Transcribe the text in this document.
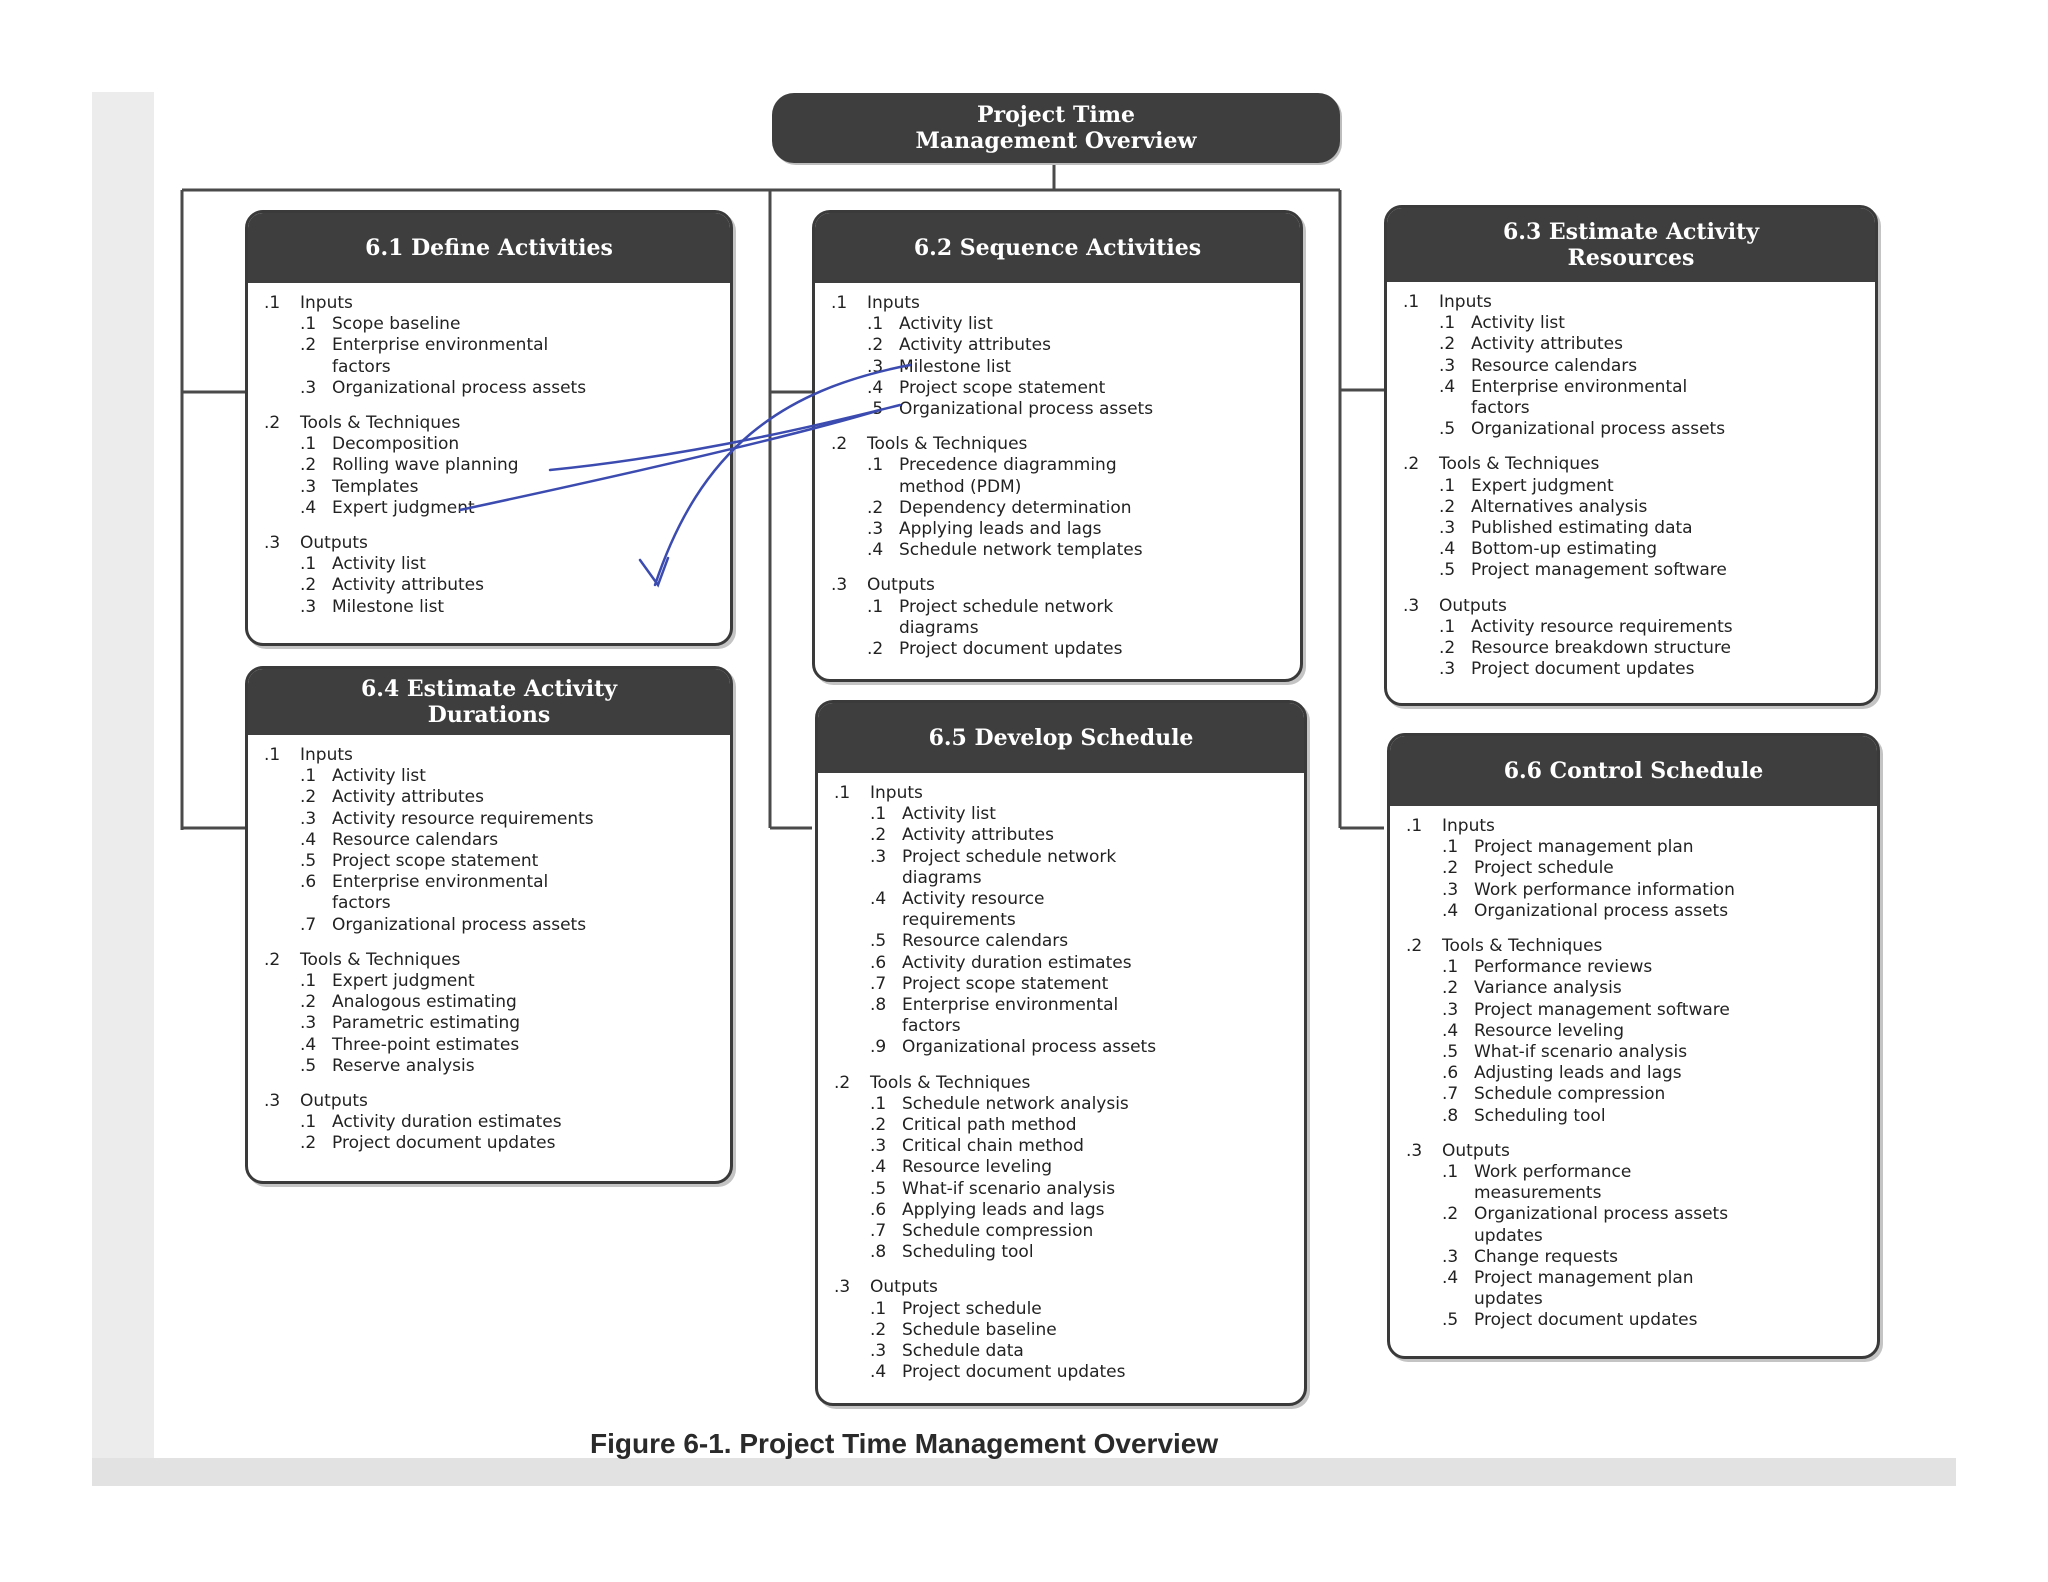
Project Time
Management Overview
6.1 Define Activities
.1	Inputs
.1 Scope baseline
.2 Enterprise environmental
factors
.3 Organizational process assets
.2	Tools & Techniques
.1 Decomposition
.2 Rolling wave planning
.3 Templates
.4 Expert judgment
.3	Outputs
.1 Activity list
.2 Activity attributes
.3 Milestone list
6.2 Sequence Activities
.1	Inputs
.1 Activity list
.2 Activity attributes
.3 Milestone list
.4 Project scope statement
.5 Organizational process assets
.2	Tools & Techniques
.1 Precedence diagramming
method (PDM)
.2 Dependency determination
.3 Applying leads and lags
.4 Schedule network templates
.3	Outputs
.1 Project schedule network
diagrams
.2 Project document updates
6.3 Estimate Activity
Resources
.1	Inputs
.1 Activity list
.2 Activity attributes
.3 Resource calendars
.4 Enterprise environmental
factors
.5 Organizational process assets
.2	Tools & Techniques
.1 Expert judgment
.2 Alternatives analysis
.3 Published estimating data
.4 Bottom-up estimating
.5 Project management software
.3	Outputs
.1 Activity resource requirements
.2 Resource breakdown structure
.3 Project document updates
6.4 Estimate Activity
Durations
.1	Inputs
.1 Activity list
.2 Activity attributes
.3 Activity resource requirements
.4 Resource calendars
.5 Project scope statement
.6 Enterprise environmental
factors
.7 Organizational process assets
.2	Tools & Techniques
.1 Expert judgment
.2 Analogous estimating
.3 Parametric estimating
.4 Three-point estimates
.5 Reserve analysis
.3	Outputs
.1 Activity duration estimates
.2 Project document updates
6.5 Develop Schedule
.1	Inputs
.1 Activity list
.2 Activity attributes
.3 Project schedule network
diagrams
.4 Activity resource
requirements
.5 Resource calendars
.6 Activity duration estimates
.7 Project scope statement
.8 Enterprise environmental
factors
.9 Organizational process assets
.2	Tools & Techniques
.1 Schedule network analysis
.2 Critical path method
.3 Critical chain method
.4 Resource leveling
.5 What-if scenario analysis
.6 Applying leads and lags
.7 Schedule compression
.8 Scheduling tool
.3	Outputs
.1 Project schedule
.2 Schedule baseline
.3 Schedule data
.4 Project document updates
6.6 Control Schedule
.1	Inputs
.1 Project management plan
.2 Project schedule
.3 Work performance information
.4 Organizational process assets
.2	Tools & Techniques
.1 Performance reviews
.2 Variance analysis
.3 Project management software
.4 Resource leveling
.5 What-if scenario analysis
.6 Adjusting leads and lags
.7 Schedule compression
.8 Scheduling tool
.3	Outputs
.1 Work performance
measurements
.2 Organizational process assets
updates
.3 Change requests
.4 Project management plan
updates
.5 Project document updates
Figure 6-1. Project Time Management Overview
